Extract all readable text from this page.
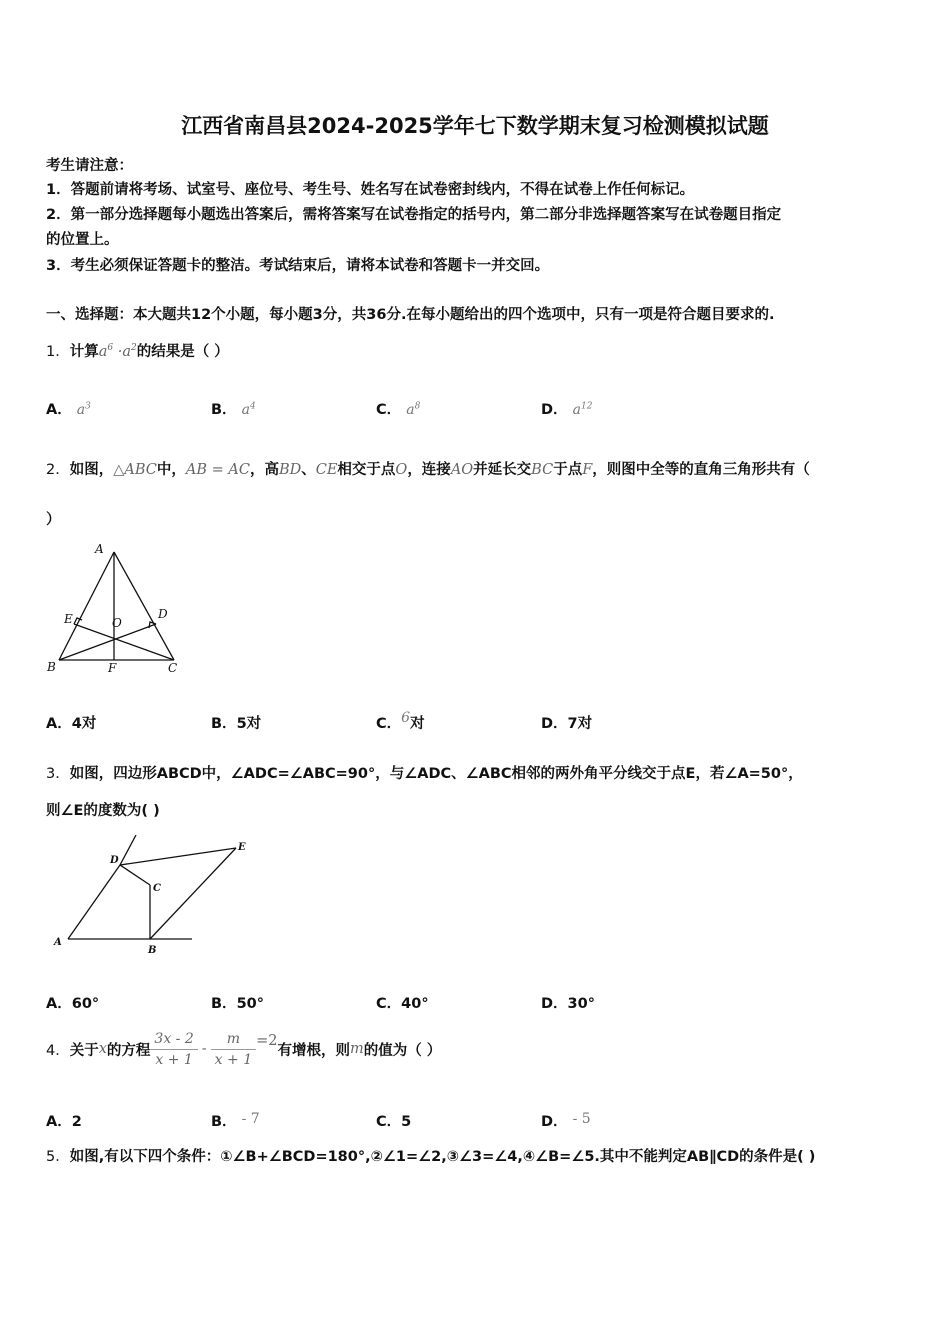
江西省南昌县2024-2025学年七下数学期末复习检测模拟试题
考生请注意：
1．答题前请将考场、试室号、座位号、考生号、姓名写在试卷密封线内，不得在试卷上作任何标记。
2．第一部分选择题每小题选出答案后，需将答案写在试卷指定的括号内，第二部分非选择题答案写在试卷题目指定
的位置上。
3．考生必须保证答题卡的整洁。考试结束后，请将本试卷和答题卡一并交回。
一、选择题：本大题共12个小题，每小题3分，共36分.在每小题给出的四个选项中，只有一项是符合题目要求的.
1．计算$a^6 \cdot a^2$的结果是（ ）
A． $a^3$	B． $a^4$	C． $a^8$	D． $a^{12}$
2．如图，△ABC中，AB = AC，高BD、CE相交于点O，连接AO并延长交BC于点F，则图中全等的直角三角形共有（
）
A
B	C
D
E	O
F
A．4对	B．5对	C．6对	D．7对
3．如图，四边形ABCD中，∠ADC=∠ABC=90°，与∠ADC、∠ABC相邻的两外角平分线交于点E，若∠A=50°，
则∠E的度数为( )
A
B
C
D
E
A．60°	B．50°	C．40°	D．30°
4． 关于 x 的方程 $\frac{3x - 2}{x + 1} - \frac{m}{x + 1} =2$
有增根，则 m 的值为（ ）
A．2	B． - 7	C．5	D． - 5
5．如图,有以下四个条件：①∠B+∠BCD=180°,②∠1=∠2,③∠3=∠4,④∠B=∠5.其中不能判定AB∥CD的条件是( )
